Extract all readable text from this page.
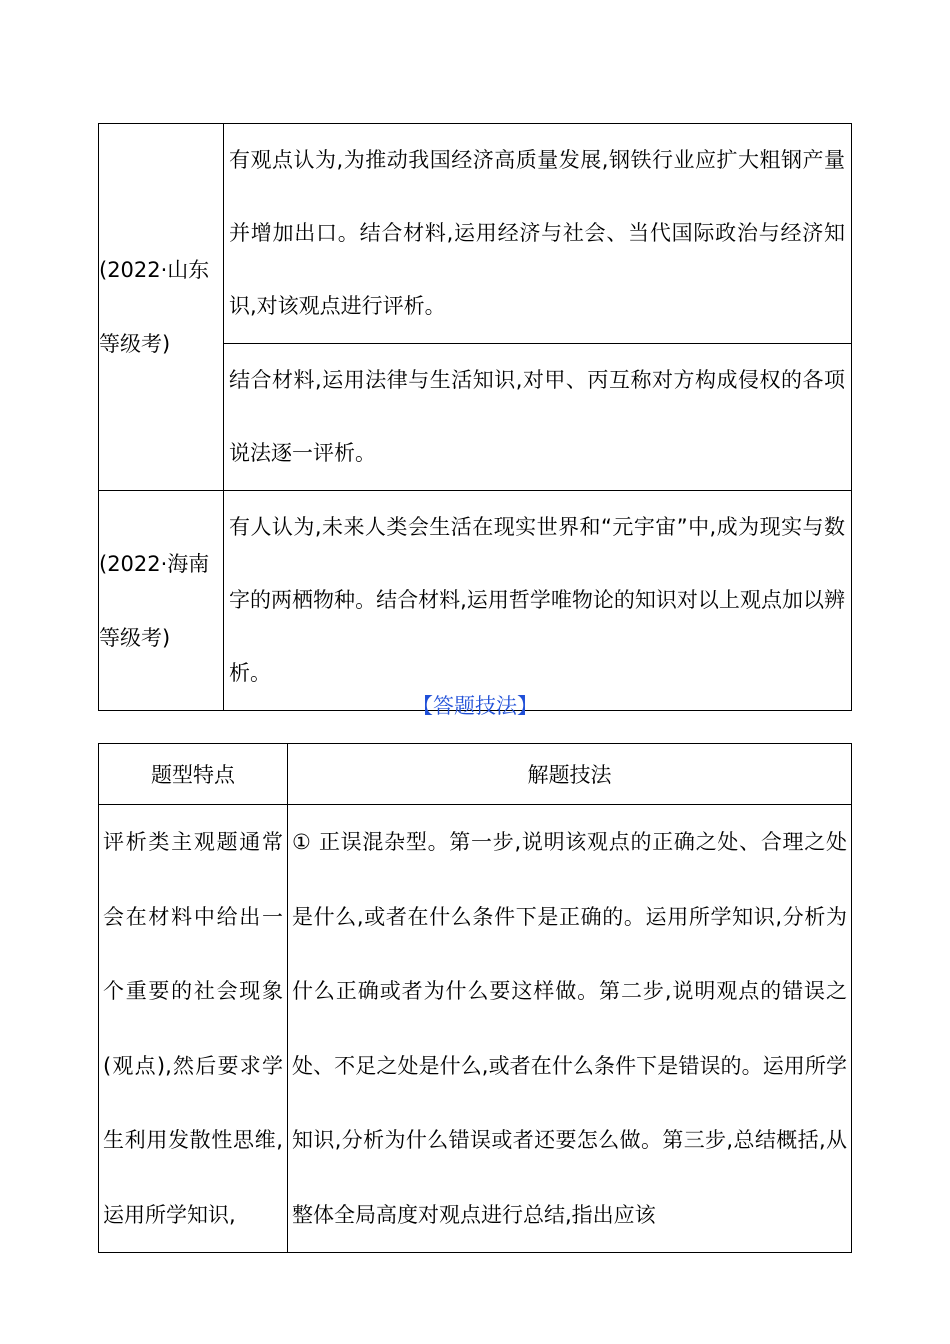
(2022·山东等级考)	有观点认为,为推动我国经济高质量发展,钢铁行业应扩大粗钢产量并增加出口。结合材料,运用经济与社会、当代国际政治与经济知识,对该观点进行评析。
	结合材料,运用法律与生活知识,对甲、丙互称对方构成侵权的各项说法逐一评析。
(2022·海南等级考)	有人认为,未来人类会生活在现实世界和“元宇宙”中,成为现实与数字的两栖物种。结合材料,运用哲学唯物论的知识对以上观点加以辨析。
【答题技法】
题型特点	解题技法
评析类主观题通常会在材料中给出一个重要的社会现象(观点),然后要求学生利用发散性思维,运用所学知识,	① 正误混杂型。第一步,说明该观点的正确之处、合理之处是什么,或者在什么条件下是正确的。运用所学知识,分析为什么正确或者为什么要这样做。第二步,说明观点的错误之处、不足之处是什么,或者在什么条件下是错误的。运用所学知识,分析为什么错误或者还要怎么做。第三步,总结概括,从整体全局高度对观点进行总结,指出应该
